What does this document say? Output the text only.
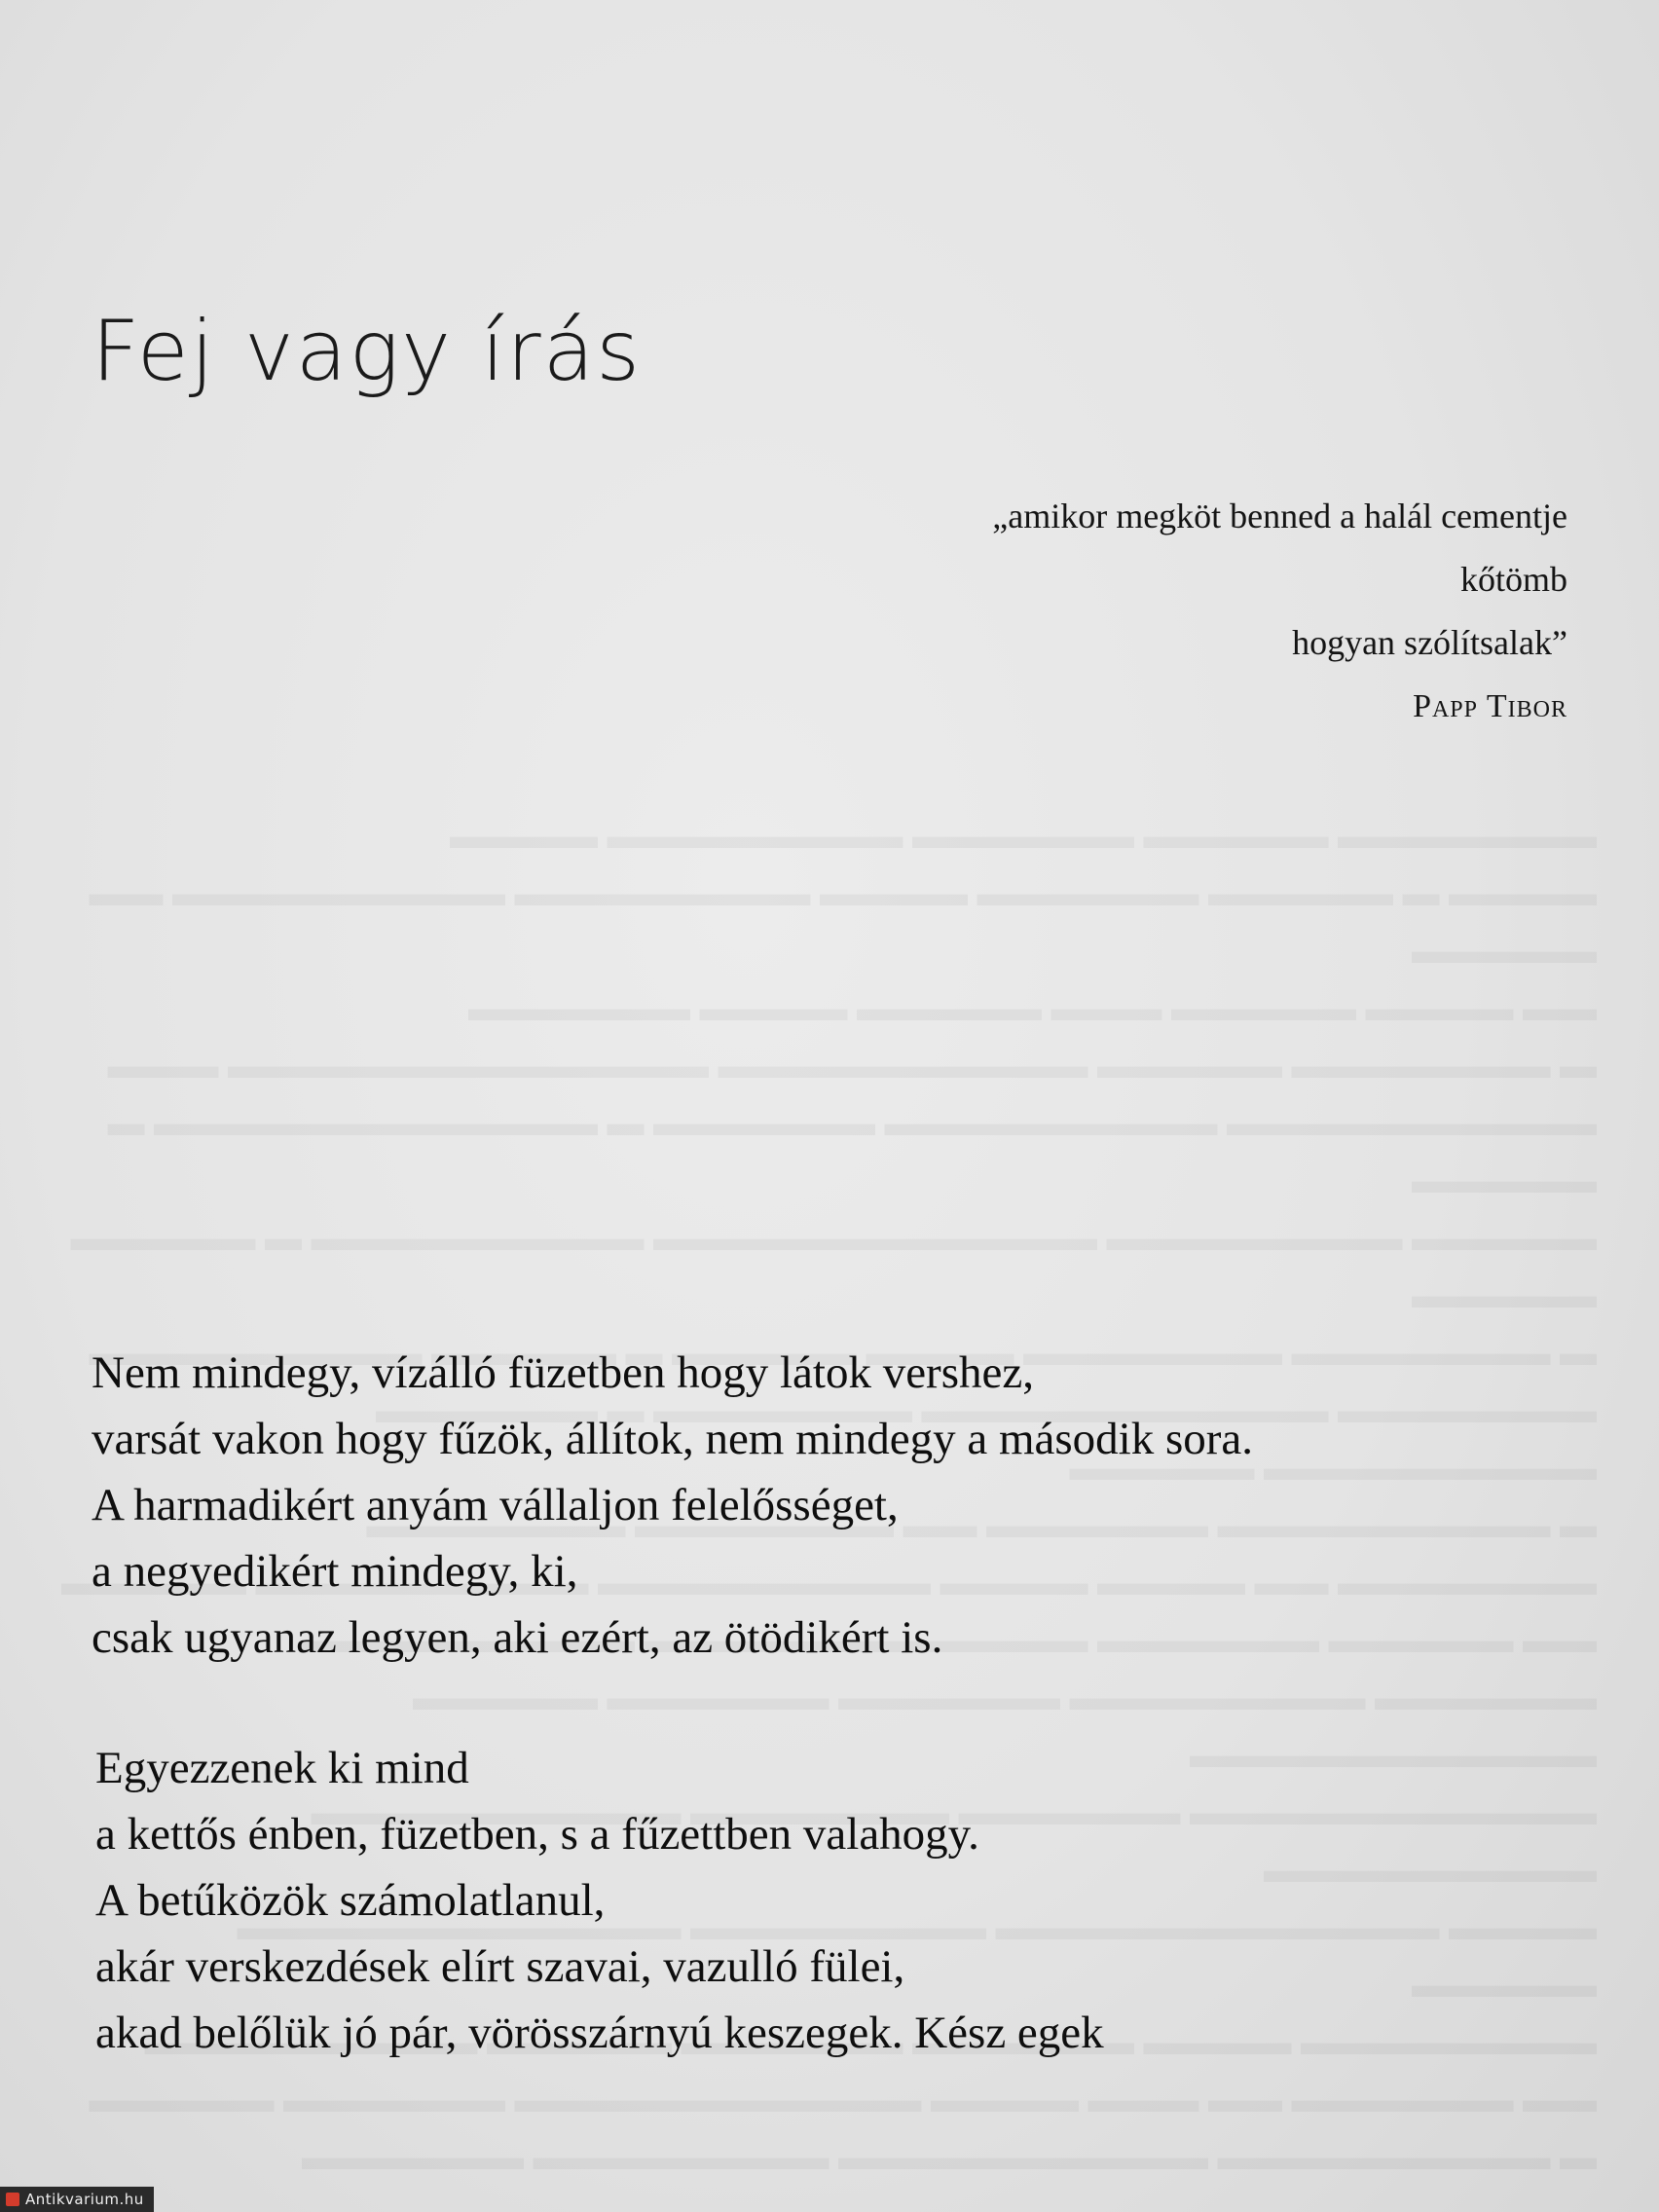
Fej vagy írás
„amikor megköt benned a halál cementje
kőtömb
hogyan szólítsalak”
Papp Tibor

Nem mindegy, vízálló füzetben hogy látok vershez,
varsát vakon hogy fűzök, állítok, nem mindegy a második sora.
A harmadikért anyám vállaljon felelősséget,
a negyedikért mindegy, ki,
csak ugyanaz legyen, aki ezért, az ötödikért is.

Egyezzenek ki mind
a kettős énben, füzetben, s a fűzettben valahogy.
A betűközök számolatlanul,
akár verskezdések elírt szavai, vazulló fülei,
akad belőlük jó pár, vörösszárnyú keszegek. Kész egek

Antikvarium.hu
